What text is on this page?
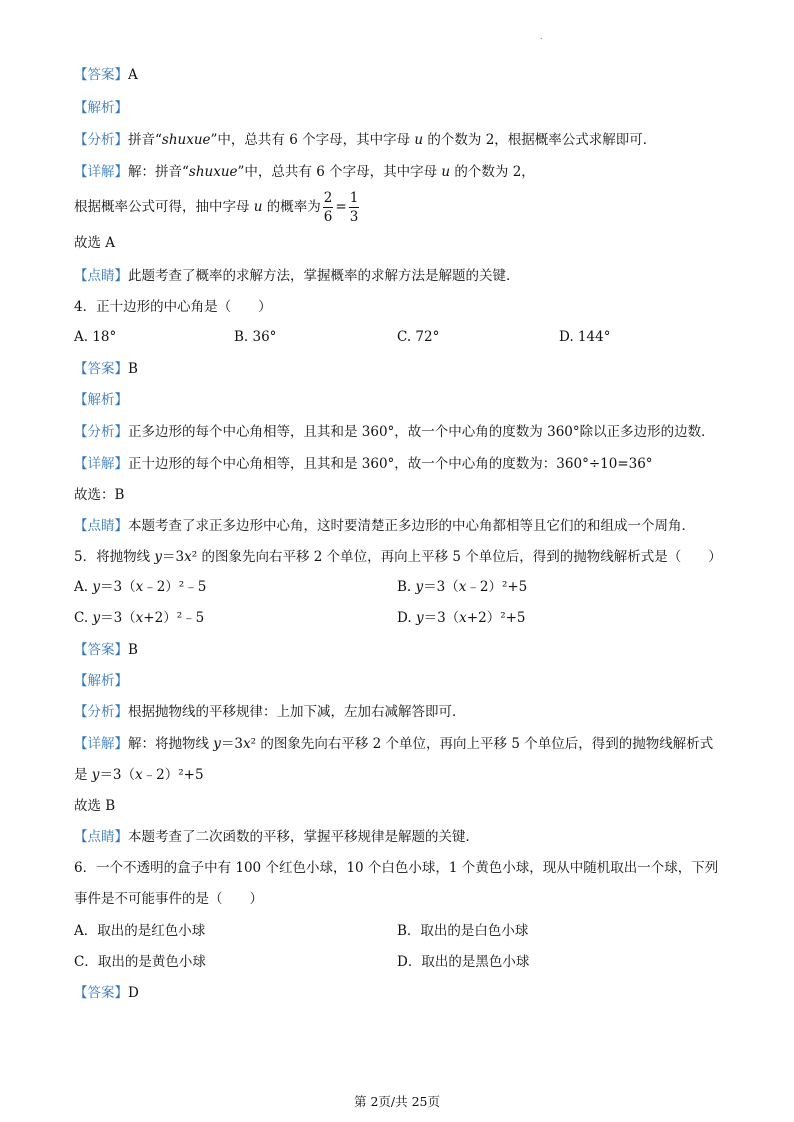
.
【答案】A
【解析】
【分析】拼音“shuxue”中，总共有 6 个字母，其中字母 u 的个数为 2，根据概率公式求解即可．
【详解】解：拼音“shuxue”中，总共有 6 个字母，其中字母 u 的个数为 2，
根据概率公式可得，抽中字母 u 的概率为 $\frac{2}{6} = \frac{1}{3}$
故选 A
【点睛】此题考查了概率的求解方法，掌握概率的求解方法是解题的关键．
4．正十边形的中心角是（　　）
A. 18°	B. 36°	C. 72°	D. 144°
【答案】B
【解析】
【分析】正多边形的每个中心角相等，且其和是 360°，故一个中心角的度数为 360°除以正多边形的边数．
【详解】正十边形的每个中心角相等，且其和是 360°，故一个中心角的度数为：360°÷10=36°
故选：B
【点睛】本题考查了求正多边形中心角，这时要清楚正多边形的中心角都相等且它们的和组成一个周角．
5．将抛物线 y＝3x² 的图象先向右平移 2 个单位，再向上平移 5 个单位后，得到的抛物线解析式是（　　）
A. y＝3（x﹣2）²﹣5	B. y＝3（x﹣2）²+5
C. y＝3（x+2）²﹣5	D. y＝3（x+2）²+5
【答案】B
【解析】
【分析】根据抛物线的平移规律：上加下减，左加右减解答即可．
【详解】解：将抛物线 y＝3x² 的图象先向右平移 2 个单位，再向上平移 5 个单位后，得到的抛物线解析式
是 y＝3（x﹣2）²+5
故选 B
【点睛】本题考查了二次函数的平移，掌握平移规律是解题的关键．
6．一个不透明的盒子中有 100 个红色小球，10 个白色小球，1 个黄色小球，现从中随机取出一个球，下列
事件是不可能事件的是（　　）
A．取出的是红色小球	B．取出的是白色小球
C．取出的是黄色小球	D．取出的是黑色小球
【答案】D
第 2页/共 25页
